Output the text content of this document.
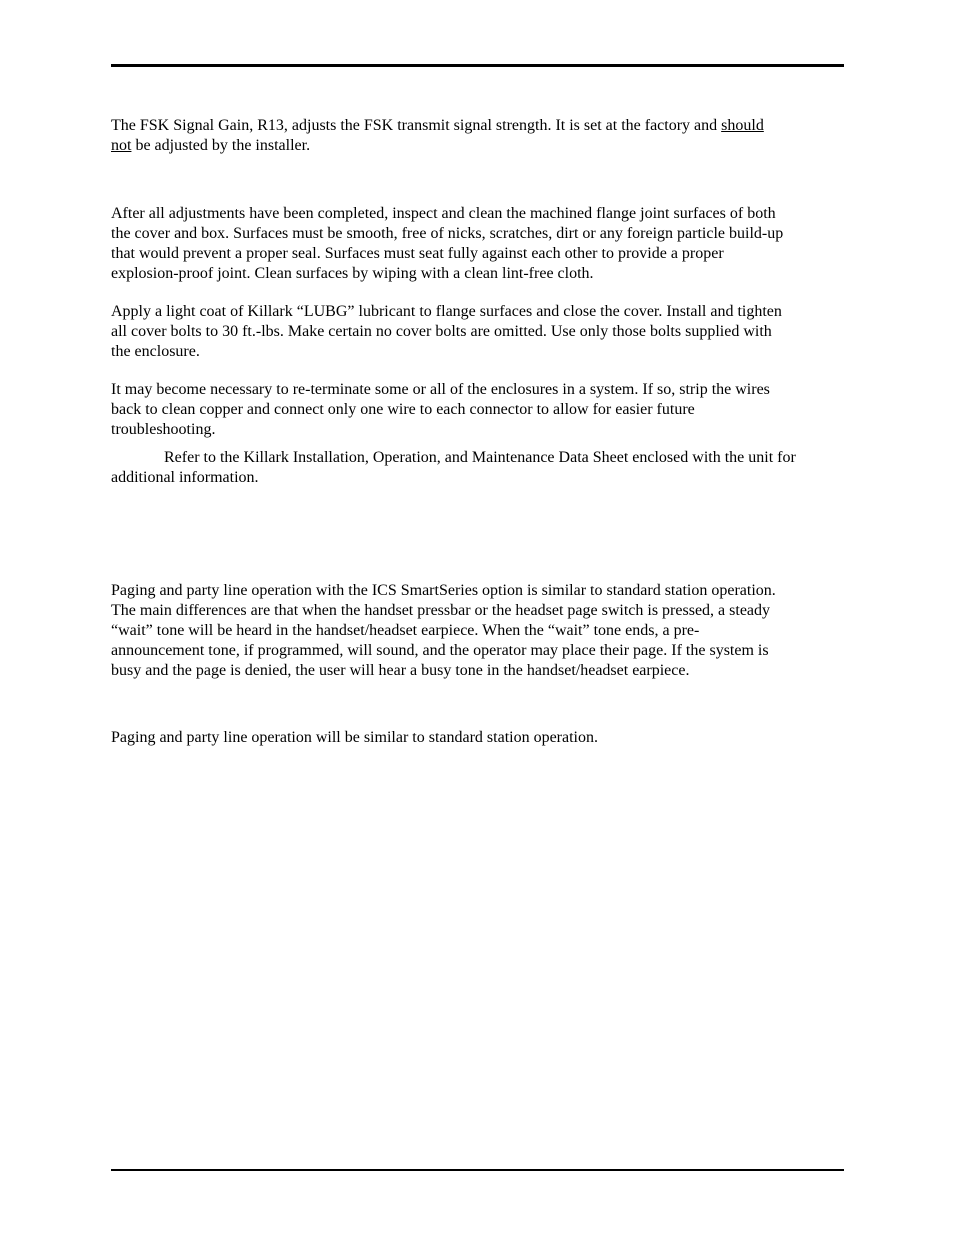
The FSK Signal Gain, R13, adjusts the FSK transmit signal strength. It is set at the factory and should
not be adjusted by the installer.

After all adjustments have been completed, inspect and clean the machined flange joint surfaces of both
the cover and box. Surfaces must be smooth, free of nicks, scratches, dirt or any foreign particle build-up
that would prevent a proper seal. Surfaces must seat fully against each other to provide a proper
explosion-proof joint. Clean surfaces by wiping with a clean lint-free cloth.

Apply a light coat of Killark “LUBG” lubricant to flange surfaces and close the cover. Install and tighten
all cover bolts to 30 ft.-lbs. Make certain no cover bolts are omitted. Use only those bolts supplied with
the enclosure.

It may become necessary to re-terminate some or all of the enclosures in a system. If so, strip the wires
back to clean copper and connect only one wire to each connector to allow for easier future
troubleshooting.

Refer to the Killark Installation, Operation, and Maintenance Data Sheet enclosed with the unit for
additional information.

Paging and party line operation with the ICS SmartSeries option is similar to standard station operation.
The main differences are that when the handset pressbar or the headset page switch is pressed, a steady
“wait” tone will be heard in the handset/headset earpiece. When the “wait” tone ends, a pre-
announcement tone, if programmed, will sound, and the operator may place their page. If the system is
busy and the page is denied, the user will hear a busy tone in the handset/headset earpiece.

Paging and party line operation will be similar to standard station operation.
